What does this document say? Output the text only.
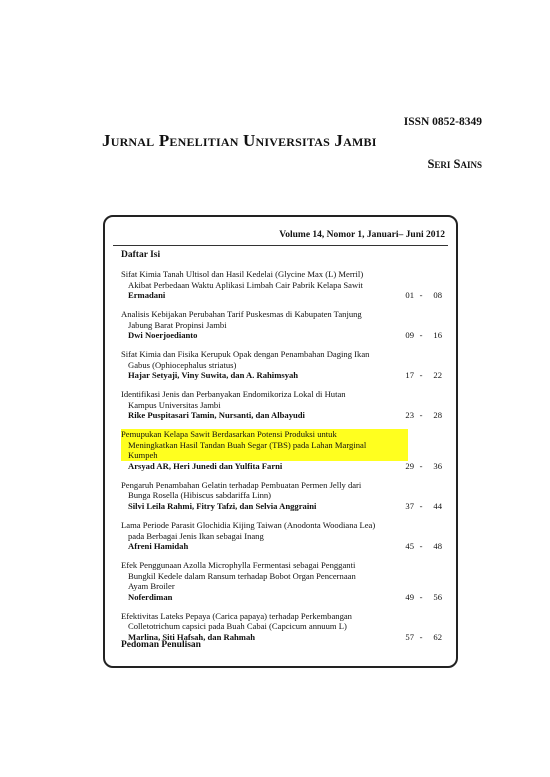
ISSN 0852-8349
Jurnal Penelitian Universitas Jambi
Seri Sains
Volume 14, Nomor 1, Januari– Juni 2012
Daftar Isi
Sifat Kimia Tanah Ultisol dan Hasil Kedelai (Glycine Max (L) Merril)
Akibat Perbedaan Waktu Aplikasi Limbah Cair Pabrik Kelapa Sawit
Ermadani	01 - 08
Analisis Kebijakan Perubahan Tarif Puskesmas di Kabupaten Tanjung
Jabung Barat Propinsi Jambi
Dwi Noerjoedianto	09 - 16
Sifat Kimia dan Fisika Kerupuk Opak dengan Penambahan Daging Ikan
Gabus (Ophiocephalus striatus)
Hajar Setyaji, Viny Suwita, dan A. Rahimsyah	17 - 22
Identifikasi Jenis dan Perbanyakan Endomikoriza Lokal di Hutan
Kampus Universitas Jambi
Rike Puspitasari Tamin, Nursanti, dan Albayudi	23 - 28
Pemupukan Kelapa Sawit Berdasarkan Potensi Produksi untuk
Meningkatkan Hasil Tandan Buah Segar (TBS) pada Lahan Marginal
Kumpeh
Arsyad AR, Heri Junedi dan Yulfita Farni	29 - 36
Pengaruh Penambahan Gelatin terhadap Pembuatan Permen Jelly dari
Bunga Rosella (Hibiscus sabdariffa Linn)
Silvi Leila Rahmi, Fitry Tafzi, dan Selvia Anggraini	37 - 44
Lama Periode Parasit Glochidia Kijing Taiwan (Anodonta Woodiana Lea)
pada Berbagai Jenis Ikan sebagai Inang
Afreni Hamidah	45 - 48
Efek Penggunaan Azolla Microphylla Fermentasi sebagai Pengganti
Bungkil Kedele dalam Ransum terhadap Bobot Organ Pencernaan
Ayam Broiler
Noferdiman	49 - 56
Efektivitas Lateks Pepaya (Carica papaya) terhadap Perkembangan
Colletotrichum capsici pada Buah Cabai (Capcicum annuum L)
Marlina, Siti Hafsah, dan Rahmah	57 - 62
Pedoman Penulisan
